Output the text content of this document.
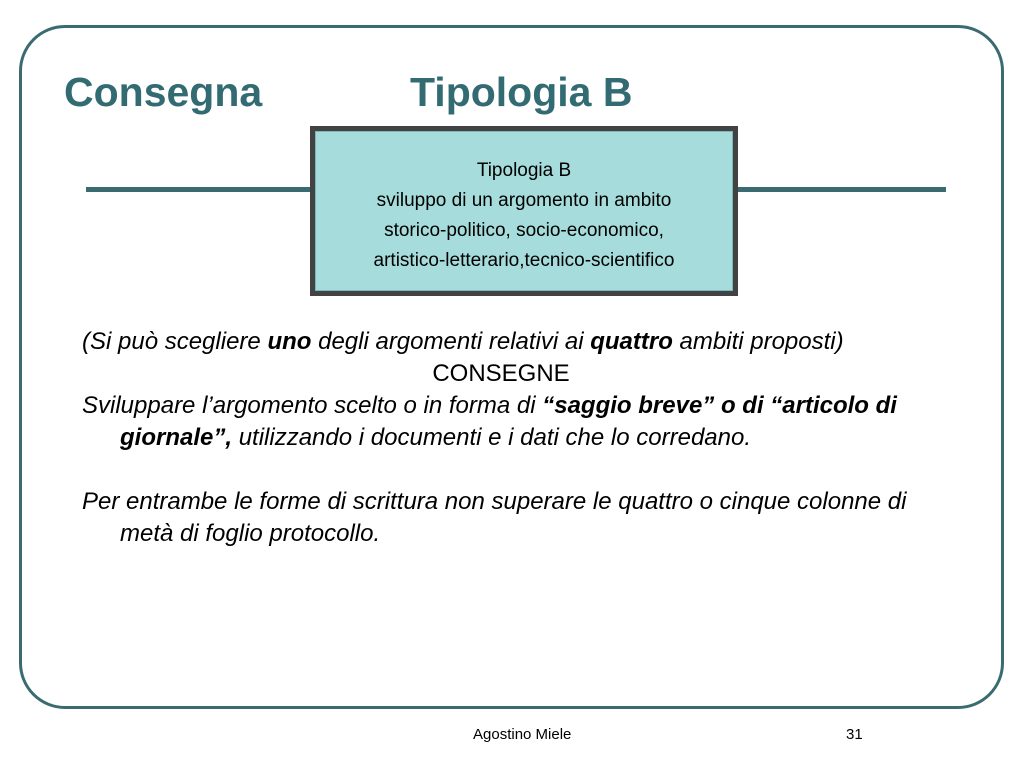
Consegna	Tipologia B
Tipologia B
sviluppo di un argomento in ambito
storico-politico, socio-economico,
artistico-letterario,tecnico-scientifico

(Si può scegliere uno degli argomenti relativi ai quattro ambiti proposti)

CONSEGNE

Sviluppare l’argomento scelto o in forma di “saggio breve” o di “articolo di giornale”, utilizzando i documenti e i dati che lo corredano.

Per entrambe le forme di scrittura non superare le quattro o cinque colonne di metà di foglio protocollo.

Agostino Miele	31
